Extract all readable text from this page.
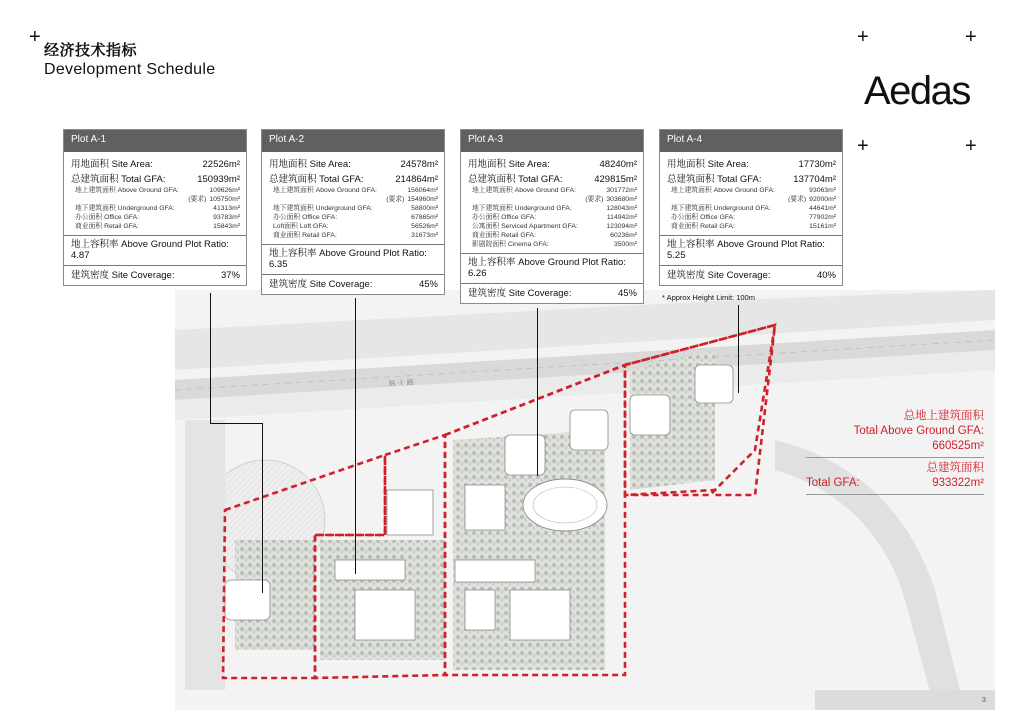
+	+	+
+	+
经济技术指标
Development Schedule	Aedas
纵 十 路
Plot A-1
用地面积 Site Area:	22526m²
总建筑面积 Total GFA:	150939m²
地上建筑面积 Above Ground GFA:	109626m²
(要求) 105750m²
地下建筑面积 Underground GFA:	41313m²
办公面积 Office GFA:	93783m²
商业面积 Retail GFA:	15843m²
地上容积率 Above Ground Plot Ratio:
4.87
建筑密度 Site Coverage:	37%
Plot A-2
用地面积 Site Area:	24578m²
总建筑面积 Total GFA:	214864m²
地上建筑面积 Above Ground GFA:	156064m²
(要求) 154960m²
地下建筑面积 Underground GFA:	58800m²
办公面积 Office GFA:	67865m²
Loft面积 Loft GFA:	56526m²
商业面积 Retail GFA:	31673m²
地上容积率 Above Ground Plot Ratio:
6.35
建筑密度 Site Coverage:	45%
Plot A-3
用地面积 Site Area:	48240m²
总建筑面积 Total GFA:	429815m²
地上建筑面积 Above Ground GFA:	301772m²
(要求) 303680m²
地下建筑面积 Underground GFA:	128043m²
办公面积 Office GFA:	114942m²
公寓面积 Serviced Apartment GFA:	123094m²
商业面积 Retail GFA:	60236m²
影剧院面积 Cinema GFA:	3500m²
地上容积率 Above Ground Plot Ratio:
6.26
建筑密度 Site Coverage:	45%
Plot A-4
用地面积 Site Area:	17730m²
总建筑面积 Total GFA:	137704m²
地上建筑面积 Above Ground GFA:	93063m²
(要求) 92000m²
地下建筑面积 Underground GFA:	44641m²
办公面积 Office GFA:	77902m²
商业面积 Retail GFA:	15161m²
地上容积率 Above Ground Plot Ratio:
5.25
建筑密度 Site Coverage:	40%
* Approx Height Limit: 100m
总地上建筑面积
Total Above Ground GFA:
660525m²
总建筑面积
Total GFA:	933322m²
3
